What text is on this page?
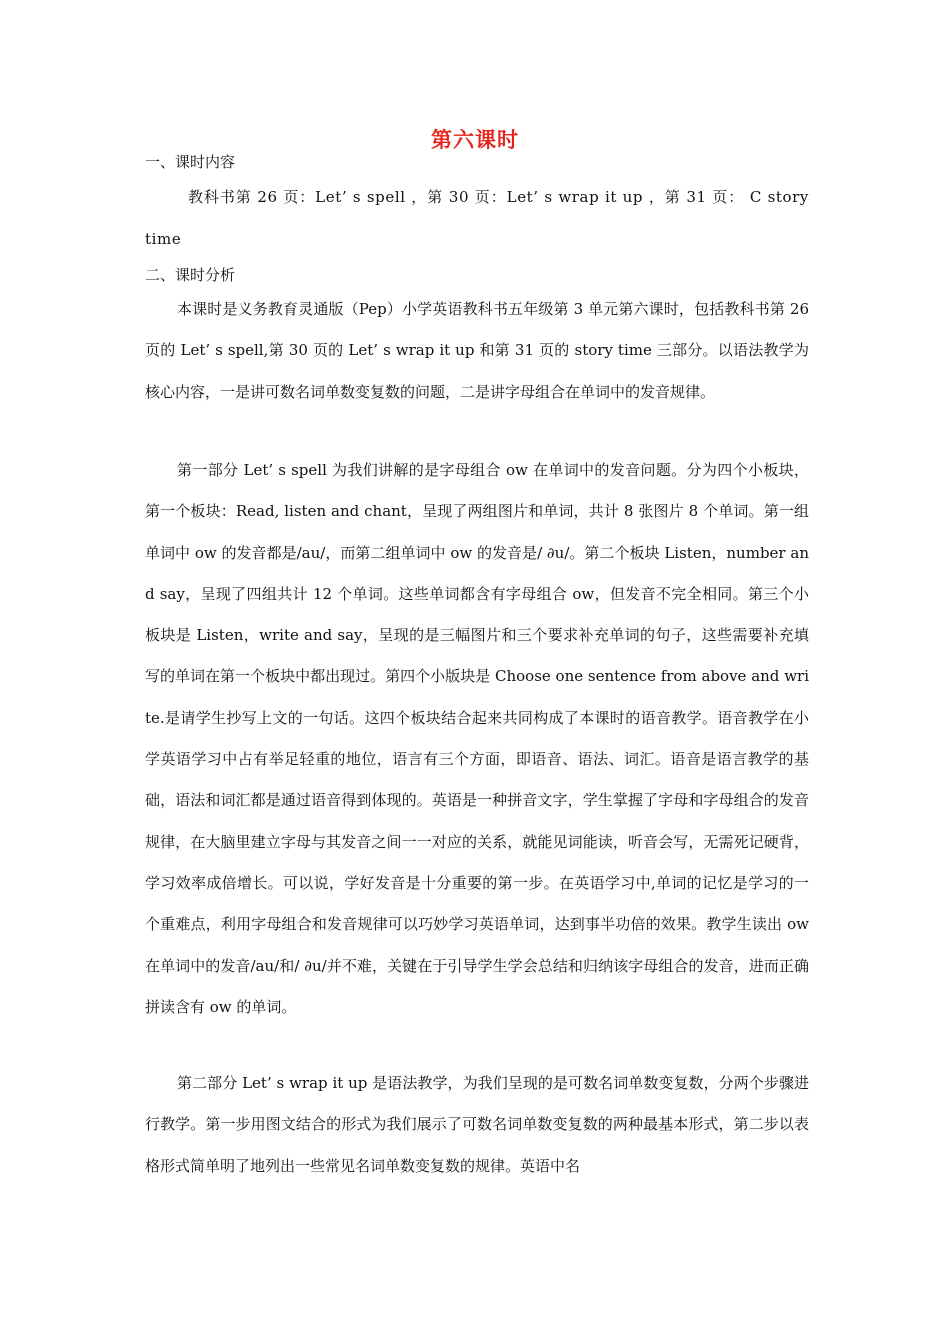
第六课时
一、课时内容

教科书第 26 页：Let’ s spell ，第 30 页：Let’ s wrap it up ，第 31 页： C story time

二、课时分析

本课时是义务教育灵通版（Pep）小学英语教科书五年级第 3 单元第六课时，包括教科书第 26 页的 Let’ s spell,第 30 页的 Let’ s wrap it up 和第 31 页的 story time 三部分。以语法教学为核心内容，一是讲可数名词单数变复数的问题，二是讲字母组合在单词中的发音规律。

第一部分 Let’ s spell 为我们讲解的是字母组合 ow 在单词中的发音问题。分为四个小板块，第一个板块：Read, listen and chant，呈现了两组图片和单词，共计 8 张图片 8 个单词。第一组单词中 ow 的发音都是/au/，而第二组单词中 ow 的发音是/ ∂u/。第二个板块 Listen，number and say，呈现了四组共计 12 个单词。这些单词都含有字母组合 ow，但发音不完全相同。第三个小板块是 Listen，write and say，呈现的是三幅图片和三个要求补充单词的句子，这些需要补充填写的单词在第一个板块中都出现过。第四个小版块是 Choose one sentence from above and write.是请学生抄写上文的一句话。这四个板块结合起来共同构成了本课时的语音教学。语音教学在小学英语学习中占有举足轻重的地位，语言有三个方面，即语音、语法、词汇。语音是语言教学的基础，语法和词汇都是通过语音得到体现的。英语是一种拼音文字，学生掌握了字母和字母组合的发音规律，在大脑里建立字母与其发音之间一一对应的关系，就能见词能读，听音会写，无需死记硬背，学习效率成倍增长。可以说，学好发音是十分重要的第一步。在英语学习中,单词的记忆是学习的一个重难点，利用字母组合和发音规律可以巧妙学习英语单词，达到事半功倍的效果。教学生读出 ow 在单词中的发音/au/和/ ∂u/并不难，关键在于引导学生学会总结和归纳该字母组合的发音，进而正确拼读含有 ow 的单词。

第二部分 Let’ s wrap it up 是语法教学，为我们呈现的是可数名词单数变复数，分两个步骤进行教学。第一步用图文结合的形式为我们展示了可数名词单数变复数的两种最基本形式，第二步以表格形式简单明了地列出一些常见名词单数变复数的规律。英语中名
